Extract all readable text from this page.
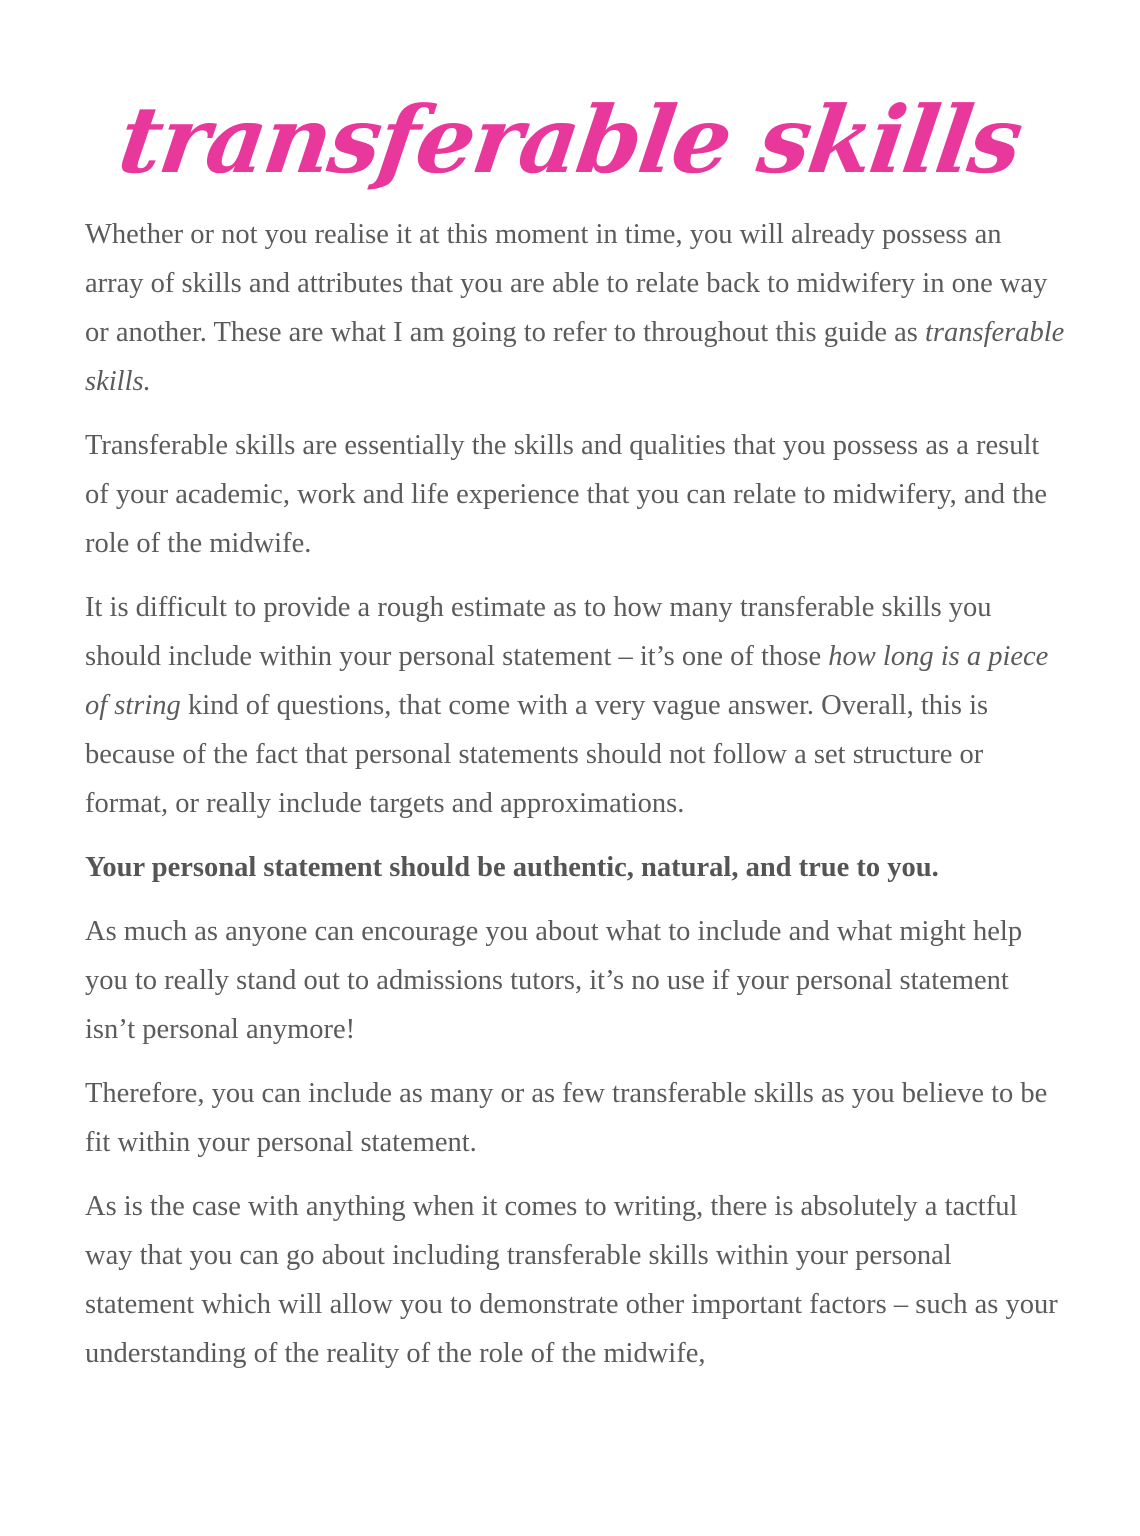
transferable skills

Whether or not you realise it at this moment in time, you will already possess an array of skills and attributes that you are able to relate back to midwifery in one way or another. These are what I am going to refer to throughout this guide as transferable skills.

Transferable skills are essentially the skills and qualities that you possess as a result of your academic, work and life experience that you can relate to midwifery, and the role of the midwife.

It is difficult to provide a rough estimate as to how many transferable skills you should include within your personal statement – it’s one of those how long is a piece of string kind of questions, that come with a very vague answer. Overall, this is because of the fact that personal statements should not follow a set structure or format, or really include targets and approximations.

Your personal statement should be authentic, natural, and true to you.

As much as anyone can encourage you about what to include and what might help you to really stand out to admissions tutors, it’s no use if your personal statement isn’t personal anymore!

Therefore, you can include as many or as few transferable skills as you believe to be fit within your personal statement.

As is the case with anything when it comes to writing, there is absolutely a tactful way that you can go about including transferable skills within your personal statement which will allow you to demonstrate other important factors – such as your understanding of the reality of the role of the midwife,
